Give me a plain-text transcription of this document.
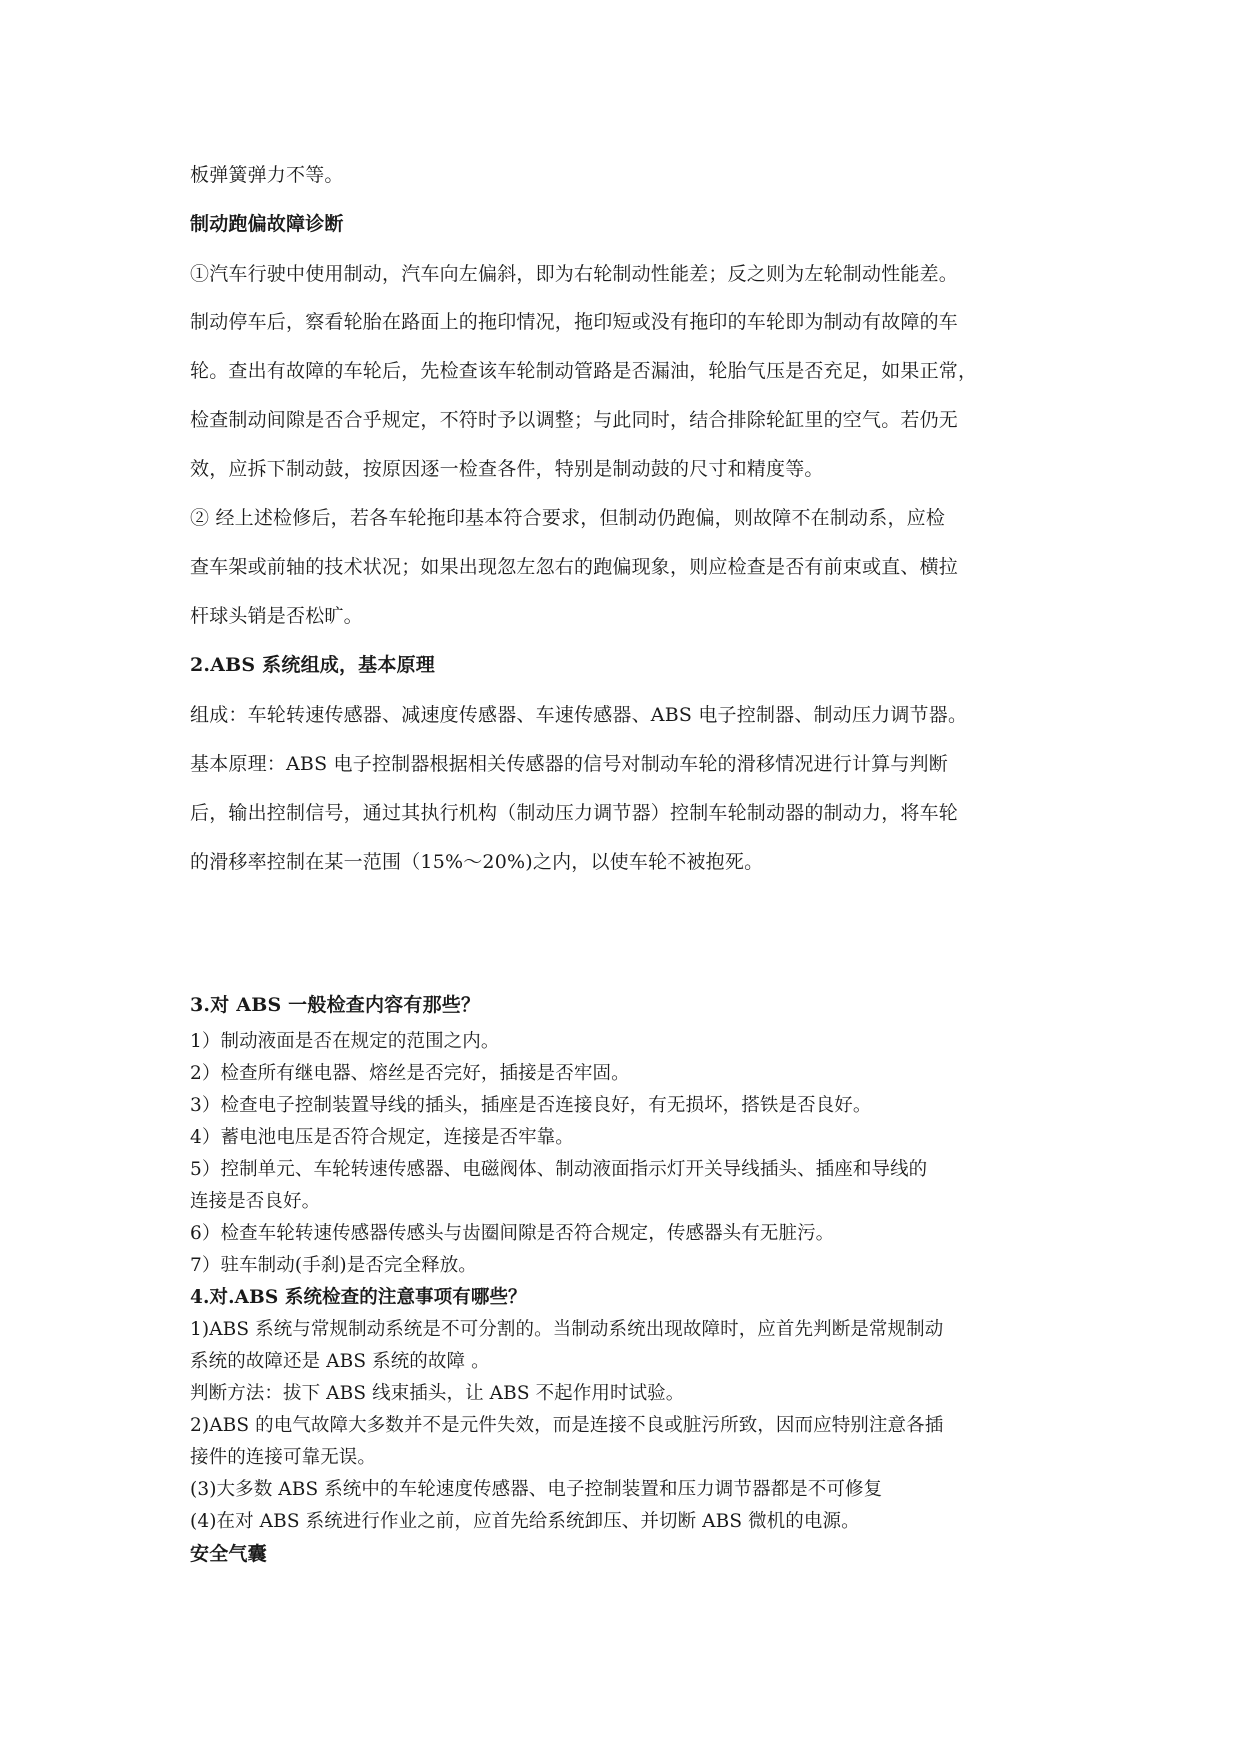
板弹簧弹力不等。
制动跑偏故障诊断
①汽车行驶中使用制动，汽车向左偏斜，即为右轮制动性能差；反之则为左轮制动性能差。
制动停车后，察看轮胎在路面上的拖印情况，拖印短或没有拖印的车轮即为制动有故障的车
轮。查出有故障的车轮后，先检查该车轮制动管路是否漏油，轮胎气压是否充足，如果正常，
检查制动间隙是否合乎规定，不符时予以调整；与此同时，结合排除轮缸里的空气。若仍无
效，应拆下制动鼓，按原因逐一检查各件，特别是制动鼓的尺寸和精度等。
② 经上述检修后，若各车轮拖印基本符合要求，但制动仍跑偏，则故障不在制动系，应检
查车架或前轴的技术状况；如果出现忽左忽右的跑偏现象，则应检查是否有前束或直、横拉
杆球头销是否松旷。
2.ABS 系统组成，基本原理
组成：车轮转速传感器、减速度传感器、车速传感器、ABS 电子控制器、制动压力调节器。
基本原理：ABS 电子控制器根据相关传感器的信号对制动车轮的滑移情况进行计算与判断
后，输出控制信号，通过其执行机构（制动压力调节器）控制车轮制动器的制动力，将车轮
的滑移率控制在某一范围（15%～20%)之内，以使车轮不被抱死。
3.对 ABS 一般检查内容有那些？
1）制动液面是否在规定的范围之内。
2）检查所有继电器、熔丝是否完好，插接是否牢固。
3）检查电子控制装置导线的插头，插座是否连接良好，有无损坏，搭铁是否良好。
4）蓄电池电压是否符合规定，连接是否牢靠。
5）控制单元、车轮转速传感器、电磁阀体、制动液面指示灯开关导线插头、插座和导线的
连接是否良好。
6）检查车轮转速传感器传感头与齿圈间隙是否符合规定，传感器头有无脏污。
7）驻车制动(手刹)是否完全释放。
4.对.ABS 系统检查的注意事项有哪些？
1)ABS 系统与常规制动系统是不可分割的。当制动系统出现故障时，应首先判断是常规制动
系统的故障还是 ABS 系统的故障 。
判断方法：拔下 ABS 线束插头，让 ABS 不起作用时试验。
2)ABS 的电气故障大多数并不是元件失效，而是连接不良或脏污所致，因而应特别注意各插
接件的连接可靠无误。
(3)大多数 ABS 系统中的车轮速度传感器、电子控制装置和压力调节器都是不可修复
(4)在对 ABS 系统进行作业之前，应首先给系统卸压、并切断 ABS 微机的电源。
安全气囊
